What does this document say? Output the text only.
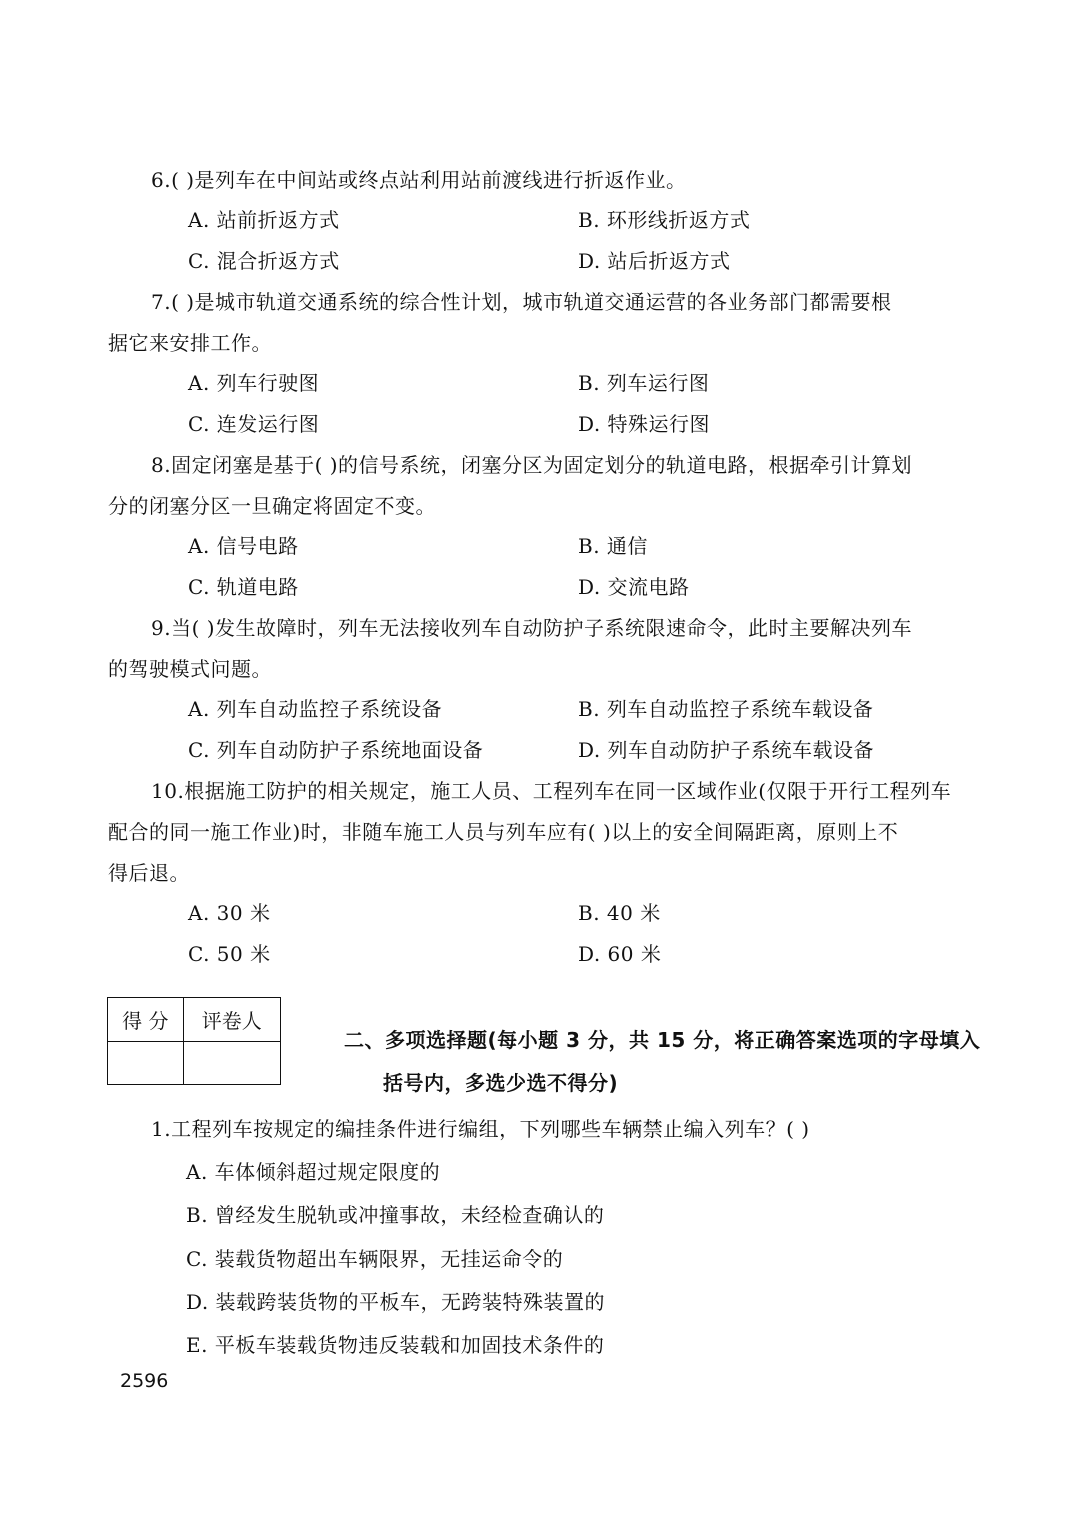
6.( )是列车在中间站或终点站利用站前渡线进行折返作业。
A. 站前折返方式	B. 环形线折返方式
C. 混合折返方式	D. 站后折返方式
7.( )是城市轨道交通系统的综合性计划，城市轨道交通运营的各业务部门都需要根
据它来安排工作。
A. 列车行驶图	B. 列车运行图
C. 连发运行图	D. 特殊运行图
8.固定闭塞是基于( )的信号系统，闭塞分区为固定划分的轨道电路，根据牵引计算划
分的闭塞分区一旦确定将固定不变。
A. 信号电路	B. 通信
C. 轨道电路	D. 交流电路
9.当( )发生故障时，列车无法接收列车自动防护子系统限速命令，此时主要解决列车
的驾驶模式问题。
A. 列车自动监控子系统设备	B. 列车自动监控子系统车载设备
C. 列车自动防护子系统地面设备	D. 列车自动防护子系统车载设备
10.根据施工防护的相关规定，施工人员、工程列车在同一区域作业(仅限于开行工程列车
配合的同一施工作业)时，非随车施工人员与列车应有( )以上的安全间隔距离，原则上不
得后退。
A. 30 米	B. 40 米
C. 50 米	D. 60 米
得 分	评卷人

二、多项选择题(每小题 3 分，共 15 分，将正确答案选项的字母填入
括号内，多选少选不得分)
1.工程列车按规定的编挂条件进行编组，下列哪些车辆禁止编入列车？( )
A. 车体倾斜超过规定限度的
B. 曾经发生脱轨或冲撞事故，未经检查确认的
C. 装载货物超出车辆限界，无挂运命令的
D. 装载跨装货物的平板车，无跨装特殊装置的
E. 平板车装载货物违反装载和加固技术条件的
2596
